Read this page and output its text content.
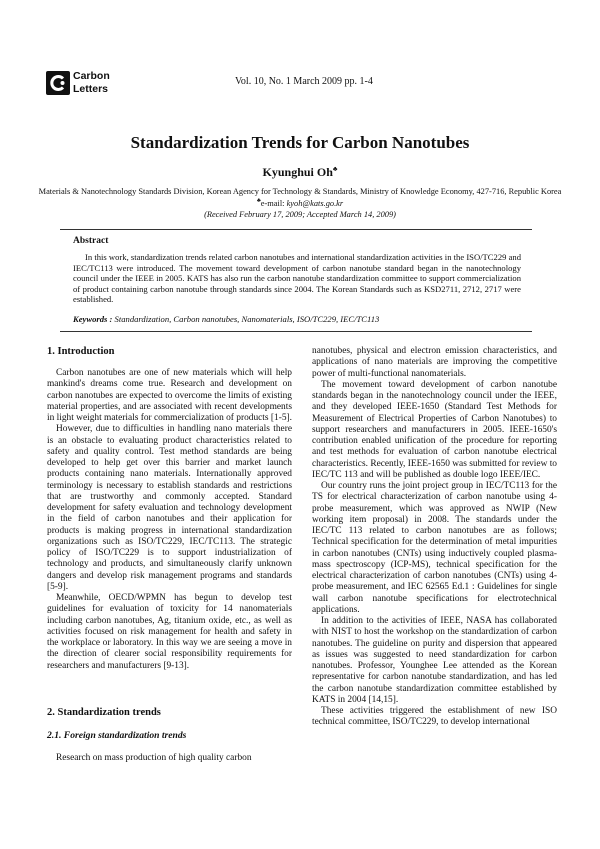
Carbon
Letters
Vol. 10, No. 1 March 2009 pp. 1-4
Standardization Trends for Carbon Nanotubes
Kyunghui Oh♣
Materials & Nanotechnology Standards Division, Korean Agency for Technology & Standards, Ministry of Knowledge Economy, 427-716, Republic Korea
♣e-mail: kyoh@kats.go.kr
(Received February 17, 2009; Accepted March 14, 2009)
Abstract
In this work, standardization trends related carbon nanotubes and international standardization activities in the ISO/TC229 and IEC/TC113 were introduced. The movement toward development of carbon nanotube standard began in the nanotechnology council under the IEEE in 2005. KATS has also run the carbon nanotube standardization committee to support commercialization of product containing carbon nanotube through standards since 2004. The Korean Standards such as KSD2711, 2712, 2717 were established.
Keywords : Standardization, Carbon nanotubes, Nanomaterials, ISO/TC229, IEC/TC113
1. Introduction

Carbon nanotubes are one of new materials which will help mankind's dreams come true. Research and development on carbon nanotubes are expected to overcome the limits of existing material properties, and are associated with recent developments in light weight materials for commercialization of products [1-5].

However, due to difficulties in handling nano materials there is an obstacle to evaluating product characteristics related to safety and quality control. Test method standards are being developed to help get over this barrier and market launch products containing nano materials. Internationally approved terminology is necessary to establish standards and restrictions that are trustworthy and commonly accepted. Standard development for safety evaluation and technology development in the field of carbon nanotubes and their application for products is making progress in international standardization organizations such as ISO/TC229, IEC/TC113. The strategic policy of ISO/TC229 is to support industrialization of technology and products, and simultaneously clarify unknown dangers and develop risk management programs and standards [5-9].

Meanwhile, OECD/WPMN has begun to develop test guidelines for evaluation of toxicity for 14 nanomaterials including carbon nanotubes, Ag, titanium oxide, etc., as well as activities focused on risk management for health and safety in the workplace or laboratory. In this way we are seeing a move in the direction of clearer social responsibility requirements for researchers and manufacturers [9-13].

2. Standardization trends
2.1. Foreign standardization trends

Research on mass production of high quality carbon

nanotubes, physical and electron emission characteristics, and applications of nano materials are improving the competitive power of multi-functional nanomaterials.

The movement toward development of carbon nanotube standards began in the nanotechnology council under the IEEE, and they developed IEEE-1650 (Standard Test Methods for Measurement of Electrical Properties of Carbon Nanotubes) to support researchers and manufacturers in 2005. IEEE-1650's contribution enabled unification of the procedure for reporting and test methods for evaluation of carbon nanotube electrical characteristics. Recently, IEEE-1650 was submitted for review to IEC/TC 113 and will be published as double logo IEEE/IEC.

Our country runs the joint project group in IEC/TC113 for the TS for electrical characterization of carbon nanotube using 4-probe measurement, which was approved as NWIP (New working item proposal) in 2008. The standards under the IEC/TC 113 related to carbon nanotubes are as follows; Technical specification for the determination of metal impurities in carbon nanotubes (CNTs) using inductively coupled plasma-mass spectroscopy (ICP-MS), technical specification for the electrical characterization of carbon nanotubes (CNTs) using 4-probe measurement, and IEC 62565 Ed.1 : Guidelines for single wall carbon nanotube specifications for electrotechnical applications.

In addition to the activities of IEEE, NASA has collaborated with NIST to host the workshop on the standardization of carbon nanotubes. The guideline on purity and dispersion that appeared as issues was suggested to need standardization for carbon nanotubes. Professor, Younghee Lee attended as the Korean representative for carbon nanotube standardization, and has led the carbon nanotube standardization committee established by KATS in 2004 [14,15].

These activities triggered the establishment of new ISO technical committee, ISO/TC229, to develop international
